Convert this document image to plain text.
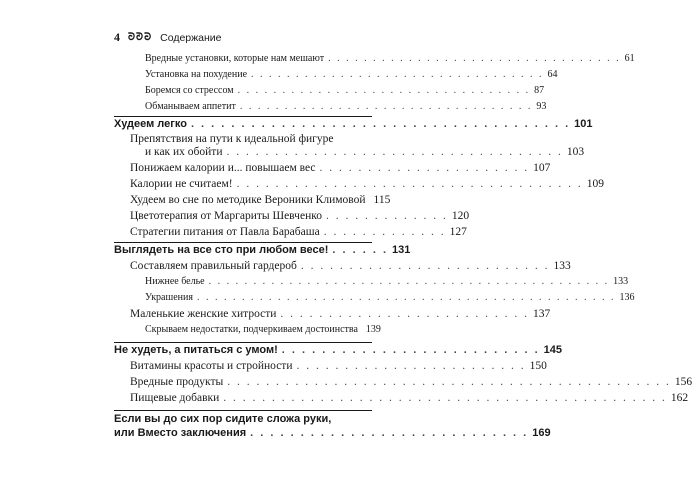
4 ᘐᘑᘒ Содержание
Вредные установки, которые нам мешают . . . . . . . . . . . . . . . . . . . . . . . . . . . . . . . . . 61
Установка на похудение . . . . . . . . . . . . . . . . . . . . . . . . . . . . . . . . . 64
Боремся со стрессом . . . . . . . . . . . . . . . . . . . . . . . . . . . . . . . . . 87
Обманываем аппетит . . . . . . . . . . . . . . . . . . . . . . . . . . . . . . . . . 93
Худеем легко . . . . . . . . . . . . . . . . . . . . . . . . . . . . . . . . . . . . . . 101
Препятствия на пути к идеальной фигуре
и как их обойти . . . . . . . . . . . . . . . . . . . . . . . . . . . . . . . . . . . 103
Понижаем калории и... повышаем вес . . . . . . . . . . . . . . . . . . . . . . 107
Калории не считаем! . . . . . . . . . . . . . . . . . . . . . . . . . . . . . . . . . . . . 109
Худеем во сне по методике Вероники Климовой 115
Цветотерапия от Маргариты Шевченко . . . . . . . . . . . . . 120
Стратегии питания от Павла Барабаша . . . . . . . . . . . . . 127
Выглядеть на все сто при любом весе! . . . . . . 131
Составляем правильный гардероб . . . . . . . . . . . . . . . . . . . . . . . . . . 133
Нижнее белье . . . . . . . . . . . . . . . . . . . . . . . . . . . . . . . . . . . . . . . . . . . . . 133
Украшения . . . . . . . . . . . . . . . . . . . . . . . . . . . . . . . . . . . . . . . . . . . . . . . 136
Маленькие женские хитрости . . . . . . . . . . . . . . . . . . . . . . . . . . 137
Скрываем недостатки, подчеркиваем достоинства 139
Не худеть, а питаться с умом! . . . . . . . . . . . . . . . . . . . . . . . . . . 145
Витамины красоты и стройности . . . . . . . . . . . . . . . . . . . . . . . . 150
Вредные продукты . . . . . . . . . . . . . . . . . . . . . . . . . . . . . . . . . . . . . . . . . . . . . . 156
Пищевые добавки . . . . . . . . . . . . . . . . . . . . . . . . . . . . . . . . . . . . . . . . . . . . . . 162
Если вы до сих пор сидите сложа руки,
или Вместо заключения . . . . . . . . . . . . . . . . . . . . . . . . . . . . 169
